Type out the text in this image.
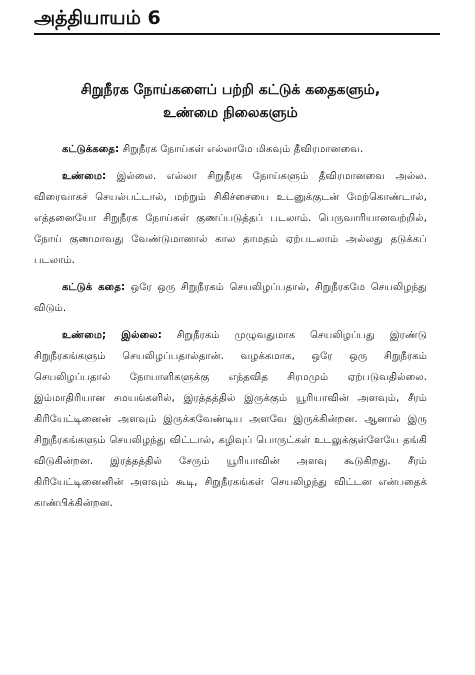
அத்தியாயம் 6
சிறுநீரக நோய்களைப் பற்றி கட்டுக் கதைகளும்,
உண்மை நிலைகளும்

கட்டுக்கதை: சிறுநீரக நோய்கள் எல்லாமே மிகவும் தீவிரமானவை.

உண்மை: இல்லை. எல்லா சிறுநீரக நோய்களும் தீவிரமானவை அல்ல. விரைவாகச் செயல்பட்டால், மற்றும் சிகிச்சையை உடனுக்குடன் மேற்கொண்டால், எத்தனையோ சிறுநீரக நோய்கள் குணப்படுத்தப் படலாம். பெருவாரியானவற்றில், நோய் குணமாவது வேண்டுமானால் கால தாமதம் ஏற்படலாம் அல்லது தடுக்கப் படலாம்.

கட்டுக் கதை: ஒரே ஒரு சிறுநீரகம் செயலிழப்பதால், சிறுநீரகமே செயலிழந்து விடும்.

உண்மை; இல்லை: சிறுநீரகம் முழுவதுமாக செயலிழப்பது இரண்டு சிறுநீரகங்களும் செயலிழப்பதால்தான். வழக்கமாக, ஒரே ஒரு சிறுநீரகம் செயலிழப்பதால் நோயாளிகளுக்கு எந்தவித சிரமமும் ஏற்படுவதில்லை. இம்மாதிரியான சமயங்களில், இரத்தத்தில் இருக்கும் யூரியாவின் அளவும், சீரம் கிரியேட்டினைன் அளவும் இருக்கவேண்டிய அளவே இருக்கின்றன. ஆனால் இரு சிறுநீரகங்களும் செயலிழந்து விட்டால், கழிவுப் பொருட்கள் உடலுக்குள்ளேயே தங்கி விடுகின்றன. இரத்தத்தில் சேரும் யூரியாவின் அளவு கூடுகிறது. சீரம் கிரியேட்டினைனின் அளவும் கூடி, சிறுநீரகங்கள் செயலிழந்து விட்டன என்பதைக் காண்பிக்கின்றன.
